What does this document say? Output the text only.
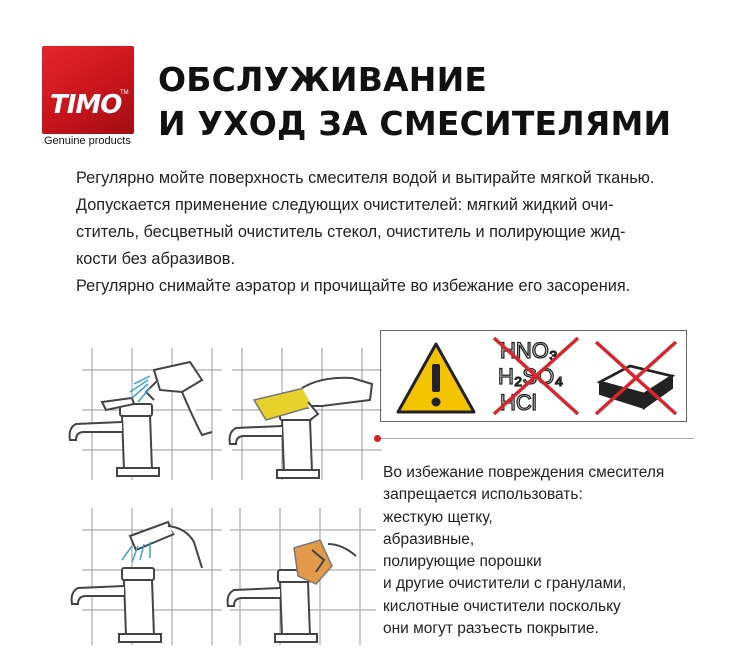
TIMO
TM
Genuine products
ОБСЛУЖИВАНИЕ
И УХОД ЗА СМЕСИТЕЛЯМИ

Регулярно мойте поверхность смесителя водой и вытирайте мягкой тканью.

Допускается применение следующих очистителей: мягкий жидкий очи-

ститель, бесцветный очиститель стекол, очиститель и полирующие жид-

кости без абразивов.

Регулярно снимайте аэратор и прочищайте во избежание его засорения.

HNO₃
H₂SO₄
HCl
Во избежание повреждения смесителя
запрещается использовать:
жесткую щетку,
абразивные,
полирующие порошки
и другие очистители с гранулами,
кислотные очистители поскольку
они могут разъесть покрытие.
